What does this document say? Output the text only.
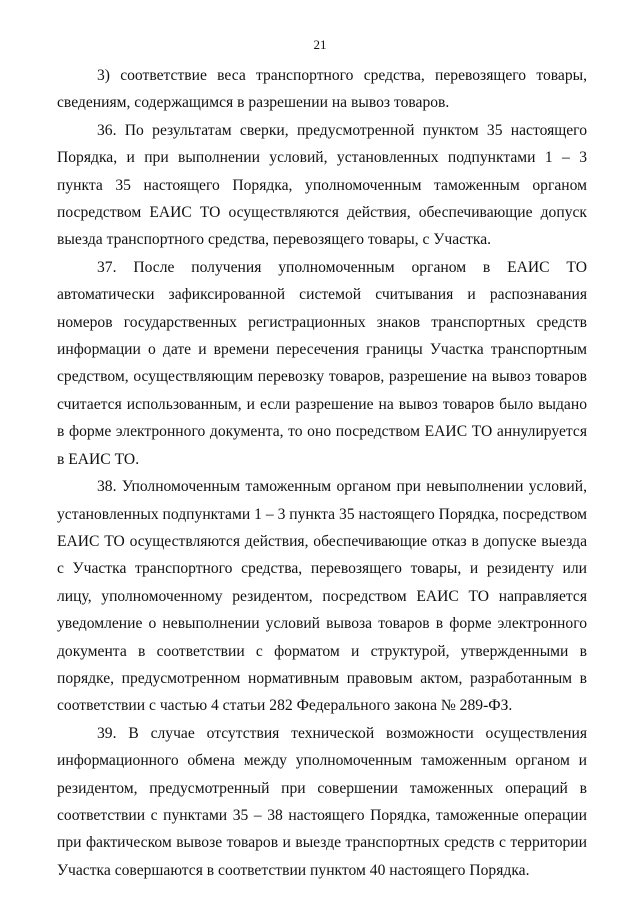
21

3) соответствие веса транспортного средства, перевозящего товары, сведениям, содержащимся в разрешении на вывоз товаров.

36. По результатам сверки, предусмотренной пунктом 35 настоящего Порядка, и при выполнении условий, установленных подпунктами 1 – 3 пункта 35 настоящего Порядка, уполномоченным таможенным органом посредством ЕАИС ТО осуществляются действия, обеспечивающие допуск выезда транспортного средства, перевозящего товары, с Участка.

37. После получения уполномоченным органом в ЕАИС ТО автоматически зафиксированной системой считывания и распознавания номеров государственных регистрационных знаков транспортных средств информации о дате и времени пересечения границы Участка транспортным средством, осуществляющим перевозку товаров, разрешение на вывоз товаров считается использованным, и если разрешение на вывоз товаров было выдано в форме электронного документа, то оно посредством ЕАИС ТО аннулируется в ЕАИС ТО.

38. Уполномоченным таможенным органом при невыполнении условий, установленных подпунктами 1 – 3 пункта 35 настоящего Порядка, посредством ЕАИС ТО осуществляются действия, обеспечивающие отказ в допуске выезда с Участка транспортного средства, перевозящего товары, и резиденту или лицу, уполномоченному резидентом, посредством ЕАИС ТО направляется уведомление о невыполнении условий вывоза товаров в форме электронного документа в соответствии с форматом и структурой, утвержденными в порядке, предусмотренном нормативным правовым актом, разработанным в соответствии с частью 4 статьи 282 Федерального закона № 289-ФЗ.

39. В случае отсутствия технической возможности осуществления информационного обмена между уполномоченным таможенным органом и резидентом, предусмотренный при совершении таможенных операций в соответствии с пунктами 35 – 38 настоящего Порядка, таможенные операции при фактическом вывозе товаров и выезде транспортных средств с территории Участка совершаются в соответствии пунктом 40 настоящего Порядка.
